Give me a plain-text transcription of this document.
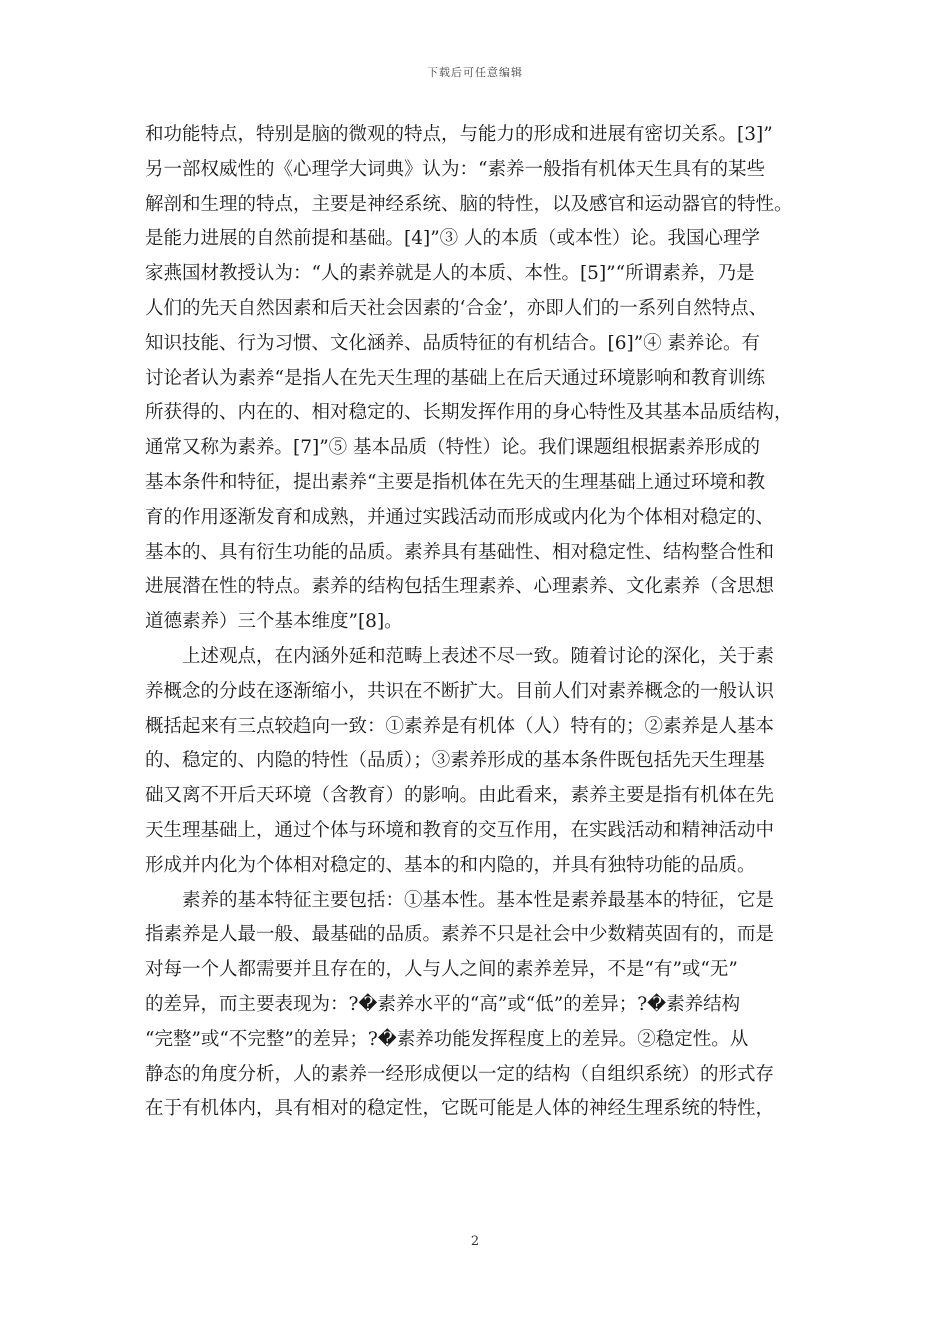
下载后可任意编辑

和功能特点，特别是脑的微观的特点，与能力的形成和进展有密切关系。[3]”
另一部权威性的《心理学大词典》认为：“素养一般指有机体天生具有的某些
解剖和生理的特点，主要是神经系统、脑的特性，以及感官和运动器官的特性。
是能力进展的自然前提和基础。[4]”③ 人的本质（或本性）论。我国心理学
家燕国材教授认为：“人的素养就是人的本质、本性。[5]”“所谓素养，乃是
人们的先天自然因素和后天社会因素的‘合金’，亦即人们的一系列自然特点、
知识技能、行为习惯、文化涵养、品质特征的有机结合。[6]”④ 素养论。有
讨论者认为素养“是指人在先天生理的基础上在后天通过环境影响和教育训练
所获得的、内在的、相对稳定的、长期发挥作用的身心特性及其基本品质结构，
通常又称为素养。[7]”⑤ 基本品质（特性）论。我们课题组根据素养形成的
基本条件和特征，提出素养“主要是指机体在先天的生理基础上通过环境和教
育的作用逐渐发育和成熟，并通过实践活动而形成或内化为个体相对稳定的、
基本的、具有衍生功能的品质。素养具有基础性、相对稳定性、结构整合性和
进展潜在性的特点。素养的结构包括生理素养、心理素养、文化素养（含思想
道德素养）三个基本维度”[8]。

上述观点，在内涵外延和范畴上表述不尽一致。随着讨论的深化，关于素
养概念的分歧在逐渐缩小，共识在不断扩大。目前人们对素养概念的一般认识
概括起来有三点较趋向一致：①素养是有机体（人）特有的；②素养是人基本
的、稳定的、内隐的特性（品质）；③素养形成的基本条件既包括先天生理基
础又离不开后天环境（含教育）的影响。由此看来，素养主要是指有机体在先
天生理基础上，通过个体与环境和教育的交互作用，在实践活动和精神活动中
形成并内化为个体相对稳定的、基本的和内隐的，并具有独特功能的品质。

素养的基本特征主要包括：①基本性。基本性是素养最基本的特征，它是
指素养是人最一般、最基础的品质。素养不只是社会中少数精英固有的，而是
对每一个人都需要并且存在的，人与人之间的素养差异，不是“有”或“无”
的差异，而主要表现为：?�素养水平的“高”或“低”的差异；?�素养结构
“完整”或“不完整”的差异；?�素养功能发挥程度上的差异。②稳定性。从
静态的角度分析，人的素养一经形成便以一定的结构（自组织系统）的形式存
在于有机体内，具有相对的稳定性，它既可能是人体的神经生理系统的特性，

2
